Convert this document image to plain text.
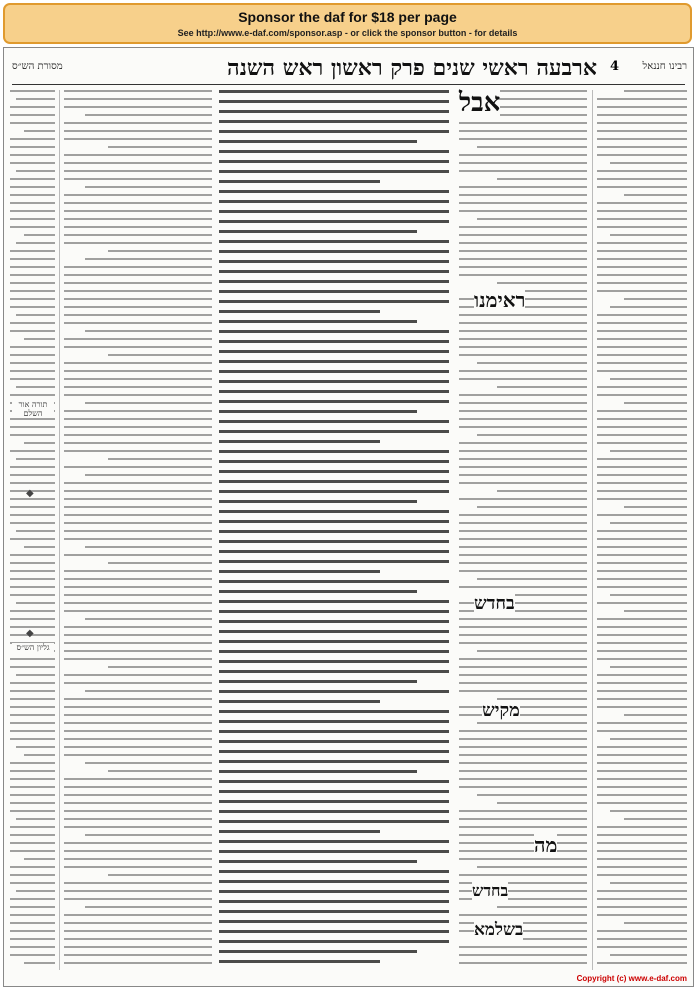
Sponsor the daf for $18 per page
See http://www.e-daf.com/sponsor.asp - or click the sponsor button - for details
רבינו חננאל
4
ארבעה ראשי שנים פרק ראשון ראש השנה
מסורת הש״ס
אבל
ראימנו
בחדש
מקיש
מה
בחדש
בשלמא
תורה אור השלם
גליון הש״ס
◆
◆
Copyright (c) www.e-daf.com
